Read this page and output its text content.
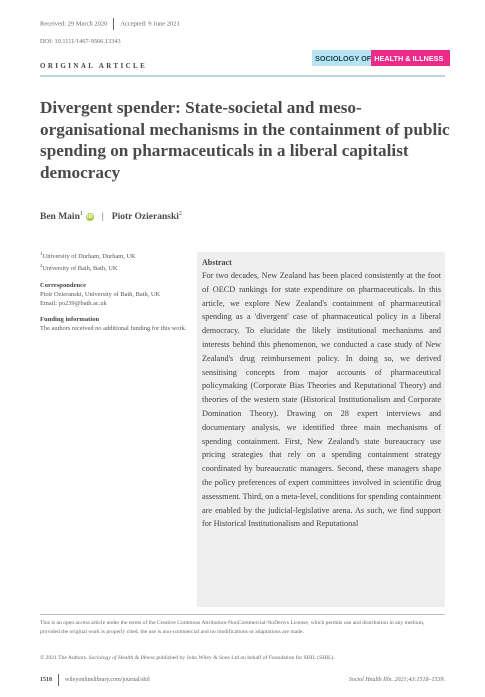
Received: 29 March 2020 Accepted: 9 June 2021
DOI: 10.1111/1467-9566.13343
ORIGINAL ARTICLE
SOCIOLOGY OF HEALTH & ILLNESS
Divergent spender: State-societal and meso-organisational mechanisms in the containment of public spending on pharmaceuticals in a liberal capitalist democracy
Ben Main$^1$ iD | Piotr Ozieranski$^2$
$^1$University of Durham, Durham, UK
$^2$University of Bath, Bath, UK
Correspondence
Piotr Ozieranski, University of Bath, Bath, UK
Email: po239@bath.ac.uk
Funding information
The authors received no additional funding for this work.
Abstract

For two decades, New Zealand has been placed consistently at the foot of OECD rankings for state expenditure on pharmaceuticals. In this article, we explore New Zealand's containment of pharmaceutical spending as a 'divergent' case of pharmaceutical policy in a liberal democracy. To elucidate the likely institutional mechanisms and interests behind this phenomenon, we conducted a case study of New Zealand's drug reimbursement policy. In doing so, we derived sensitising concepts from major accounts of pharmaceutical policymaking (Corporate Bias Theories and Reputational Theory) and theories of the western state (Historical Institutionalism and Corporate Domination Theory). Drawing on 28 expert interviews and documentary analysis, we identified three main mechanisms of spending containment. First, New Zealand's state bureaucracy use pricing strategies that rely on a spending containment strategy coordinated by bureaucratic managers. Second, these managers shape the policy preferences of expert committees involved in scientific drug assessment. Third, on a meta-level, conditions for spending containment are enabled by the judicial-legislative arena. As such, we find support for Historical Institutionalism and Reputational

This is an open access article under the terms of the Creative Commons Attribution-NonCommercial-NoDerivs License, which permits use and distribution in any medium, provided the original work is properly cited, the use is non-commercial and no modifications or adaptations are made.
© 2021 The Authors. Sociology of Health & Illness published by John Wiley & Sons Ltd on behalf of Foundation for SHIL (SHIL).
1518 wileyonlinelibrary.com/journal/shil	Sociol Health Illn. 2021;43:1518–1539.
